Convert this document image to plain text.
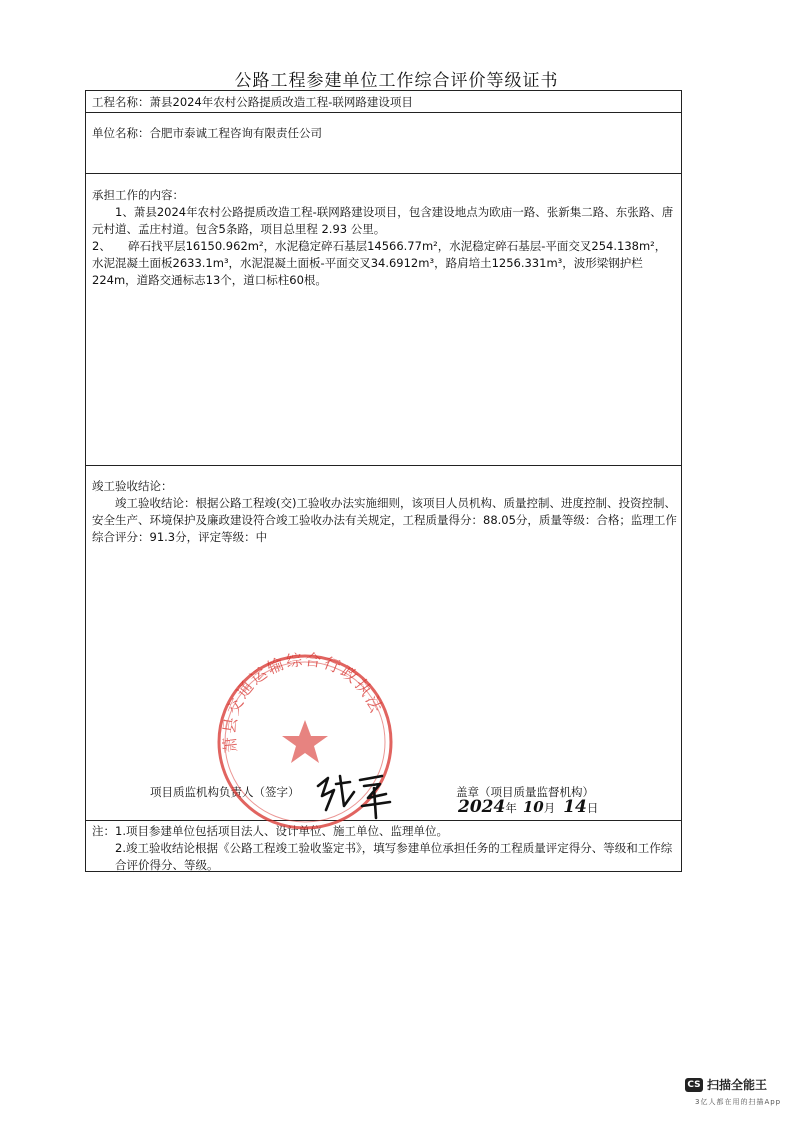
公路工程参建单位工作综合评价等级证书
工程名称：萧县2024年农村公路提质改造工程-联网路建设项目
单位名称：合肥市泰诚工程咨询有限责任公司

承担工作的内容：

1、萧县2024年农村公路提质改造工程-联网路建设项目，包含建设地点为欧庙一路、张新集二路、东张路、唐元村道、孟庄村道。包含5条路，项目总里程 2.93 公里。

2、　　碎石找平层16150.962m²，水泥稳定碎石基层14566.77m²，水泥稳定碎石基层-平面交叉254.138m²，水泥混凝土面板2633.1m³，水泥混凝土面板-平面交叉34.6912m³，路肩培土1256.331m³，波形梁钢护栏224m，道路交通标志13个，道口标柱60根。

竣工验收结论：

竣工验收结论：根据公路工程竣(交)工验收办法实施细则，该项目人员机构、质量控制、进度控制、投资控制、安全生产、环境保护及廉政建设符合竣工验收办法有关规定，工程质量得分：88.05分，质量等级：合格；监理工作综合评分：91.3分，评定等级：中

项目质监机构负责人（签字）	盖章（项目质量监督机构）
2024年 10月 14日

注：1.项目参建单位包括项目法人、设计单位、施工单位、监理单位。

2.竣工验收结论根据《公路工程竣工验收鉴定书》，填写参建单位承担任务的工程质量评定得分、等级和工作综合评价得分、等级。

萧县交通运输综合行政执法
CS 扫描全能王
3亿人都在用的扫描App
